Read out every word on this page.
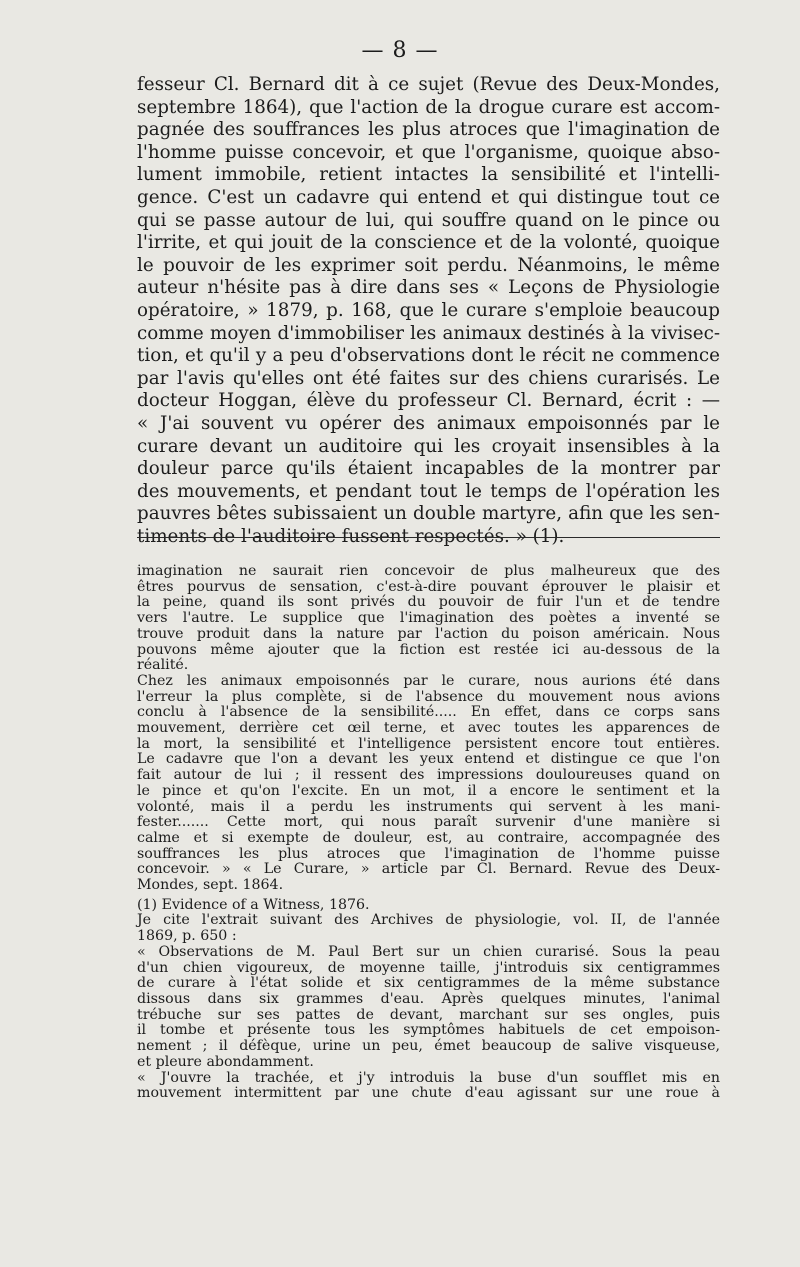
— 8 —
fesseur Cl. Bernard dit à ce sujet (Revue des Deux-Mondes,
septembre 1864), que l'action de la drogue curare est accom-
pagnée des souffrances les plus atroces que l'imagination de
l'homme puisse concevoir, et que l'organisme, quoique abso-
lument immobile, retient intactes la sensibilité et l'intelli-
gence. C'est un cadavre qui entend et qui distingue tout ce
qui se passe autour de lui, qui souffre quand on le pince ou
l'irrite, et qui jouit de la conscience et de la volonté, quoique
le pouvoir de les exprimer soit perdu. Néanmoins, le même
auteur n'hésite pas à dire dans ses « Leçons de Physiologie
opératoire, » 1879, p. 168, que le curare s'emploie beaucoup
comme moyen d'immobiliser les animaux destinés à la vivisec-
tion, et qu'il y a peu d'observations dont le récit ne commence
par l'avis qu'elles ont été faites sur des chiens curarisés. Le
docteur Hoggan, élève du professeur Cl. Bernard, écrit : —
« J'ai souvent vu opérer des animaux empoisonnés par le
curare devant un auditoire qui les croyait insensibles à la
douleur parce qu'ils étaient incapables de la montrer par
des mouvements, et pendant tout le temps de l'opération les
pauvres bêtes subissaient un double martyre, afin que les sen-
timents de l'auditoire fussent respectés. » (1).
imagination ne saurait rien concevoir de plus malheureux que des
êtres pourvus de sensation, c'est-à-dire pouvant éprouver le plaisir et
la peine, quand ils sont privés du pouvoir de fuir l'un et de tendre
vers l'autre. Le supplice que l'imagination des poètes a inventé se
trouve produit dans la nature par l'action du poison américain. Nous
pouvons même ajouter que la fiction est restée ici au-dessous de la
réalité.
Chez les animaux empoisonnés par le curare, nous aurions été dans
l'erreur la plus complète, si de l'absence du mouvement nous avions
conclu à l'absence de la sensibilité..... En effet, dans ce corps sans
mouvement, derrière cet œil terne, et avec toutes les apparences de
la mort, la sensibilité et l'intelligence persistent encore tout entières.
Le cadavre que l'on a devant les yeux entend et distingue ce que l'on
fait autour de lui ; il ressent des impressions douloureuses quand on
le pince et qu'on l'excite. En un mot, il a encore le sentiment et la
volonté, mais il a perdu les instruments qui servent à les mani-
fester....... Cette mort, qui nous paraît survenir d'une manière si
calme et si exempte de douleur, est, au contraire, accompagnée des
souffrances les plus atroces que l'imagination de l'homme puisse
concevoir. » « Le Curare, » article par Cl. Bernard. Revue des Deux-
Mondes, sept. 1864.
(1) Evidence of a Witness, 1876.
Je cite l'extrait suivant des Archives de physiologie, vol. II, de l'année
1869, p. 650 :
« Observations de M. Paul Bert sur un chien curarisé. Sous la peau
d'un chien vigoureux, de moyenne taille, j'introduis six centigrammes
de curare à l'état solide et six centigrammes de la même substance
dissous dans six grammes d'eau. Après quelques minutes, l'animal
trébuche sur ses pattes de devant, marchant sur ses ongles, puis
il tombe et présente tous les symptômes habituels de cet empoison-
nement ; il défèque, urine un peu, émet beaucoup de salive visqueuse,
et pleure abondamment.
« J'ouvre la trachée, et j'y introduis la buse d'un soufflet mis en
mouvement intermittent par une chute d'eau agissant sur une roue à
